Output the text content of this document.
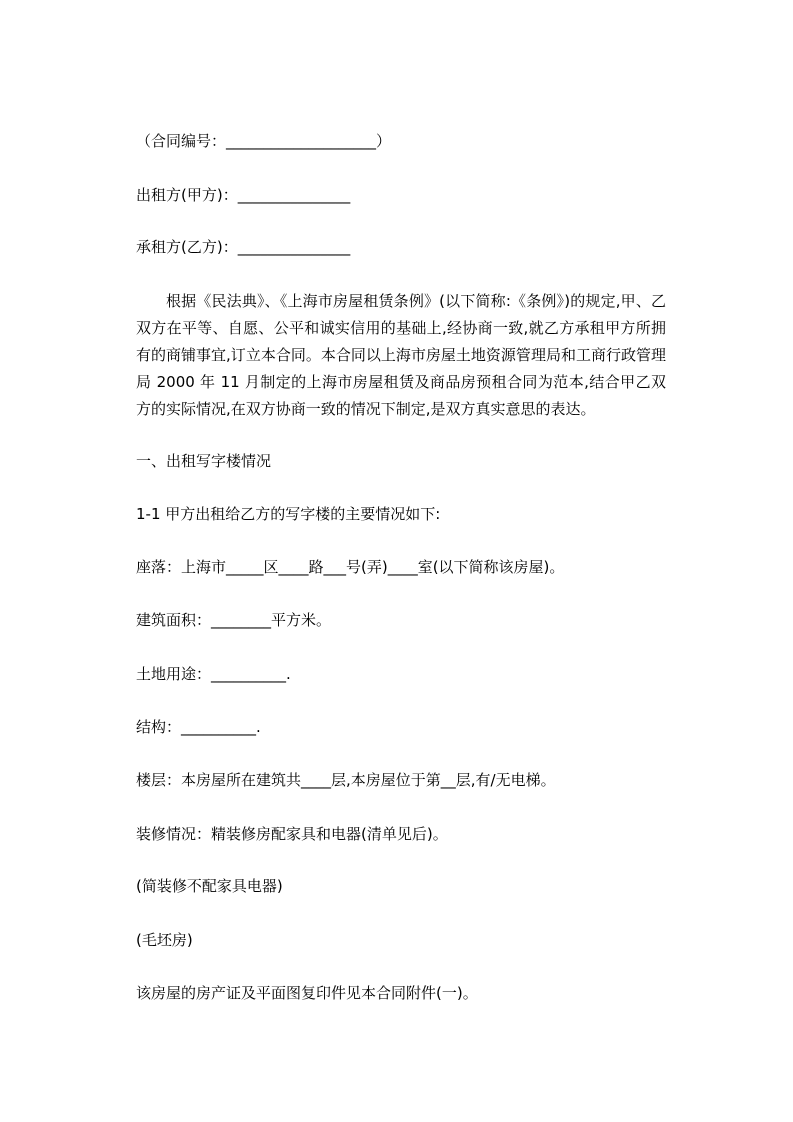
（合同编号：____________________）
出租方(甲方)：_______________
承租方(乙方)：_______________
根据《民法典》、《上海市房屋租赁条例》(以下简称:《条例》)的规定,甲、乙双方在平等、自愿、公平和诚实信用的基础上,经协商一致,就乙方承租甲方所拥有的商铺事宜,订立本合同。本合同以上海市房屋土地资源管理局和工商行政管理局 2000 年 11 月制定的上海市房屋租赁及商品房预租合同为范本,结合甲乙双方的实际情况,在双方协商一致的情况下制定,是双方真实意思的表达。
一、出租写字楼情况
1-1 甲方出租给乙方的写字楼的主要情况如下:
座落：上海市_____区____路___号(弄)____室(以下简称该房屋)。
建筑面积：________平方米。
土地用途：__________.
结构：__________.
楼层：本房屋所在建筑共____层,本房屋位于第__层,有/无电梯。
装修情况：精装修房配家具和电器(清单见后)。
(简装修不配家具电器)
(毛坯房)
该房屋的房产证及平面图复印件见本合同附件(一)。
